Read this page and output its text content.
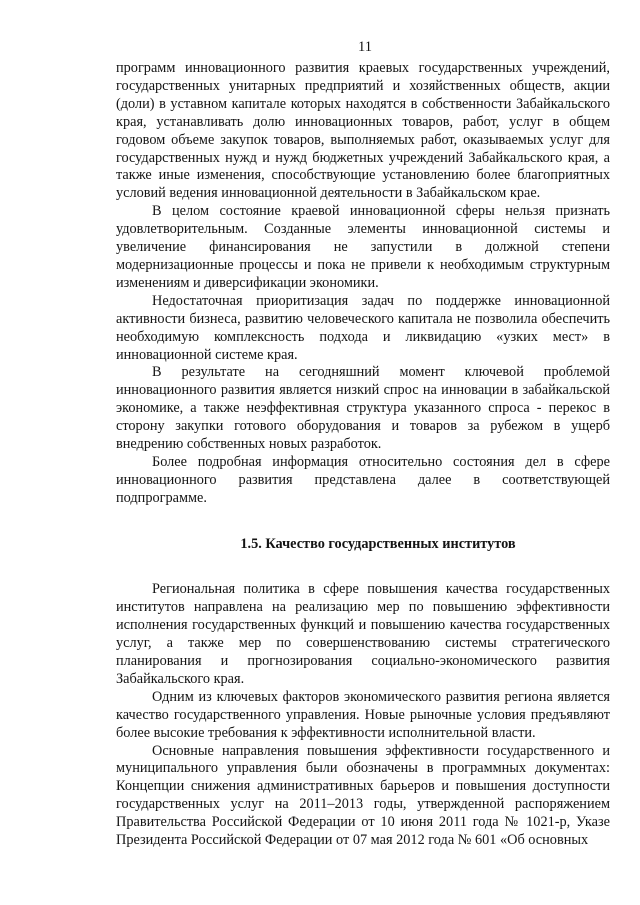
11

программ инновационного развития краевых государственных учреждений, государственных унитарных предприятий и хозяйственных обществ, акции (доли) в уставном капитале которых находятся в собственности Забайкальского края, устанавливать долю инновационных товаров, работ, услуг в общем годовом объеме закупок товаров, выполняемых работ, оказываемых услуг для государственных нужд и нужд бюджетных учреждений Забайкальского края, а также иные изменения, способствующие установлению более благоприятных условий ведения инновационной деятельности в Забайкальском крае.

В целом состояние краевой инновационной сферы нельзя признать удовлетворительным. Созданные элементы инновационной системы и увеличение финансирования не запустили в должной степени модернизационные процессы и пока не привели к необходимым структурным изменениям и диверсификации экономики.

Недостаточная приоритизация задач по поддержке инновационной активности бизнеса, развитию человеческого капитала не позволила обеспечить необходимую комплексность подхода и ликвидацию «узких мест» в инновационной системе края.

В результате на сегодняшний момент ключевой проблемой инновационного развития является низкий спрос на инновации в забайкальской экономике, а также неэффективная структура указанного спроса - перекос в сторону закупки готового оборудования и товаров за рубежом в ущерб внедрению собственных новых разработок.

Более подробная информация относительно состояния дел в сфере инновационного развития представлена далее в соответствующей подпрограмме.

1.5. Качество государственных институтов

Региональная политика в сфере повышения качества государственных институтов направлена на реализацию мер по повышению эффективности исполнения государственных функций и повышению качества государственных услуг, а также мер по совершенствованию системы стратегического планирования и прогнозирования социально-экономического развития Забайкальского края.

Одним из ключевых факторов экономического развития региона является качество государственного управления. Новые рыночные условия предъявляют более высокие требования к эффективности исполнительной власти.

Основные направления повышения эффективности государственного и муниципального управления были обозначены в программных документах: Концепции снижения административных барьеров и повышения доступности государственных услуг на 2011–2013 годы, утвержденной распоряжением Правительства Российской Федерации от 10 июня 2011 года № 1021-р, Указе Президента Российской Федерации от 07 мая 2012 года № 601 «Об основных
